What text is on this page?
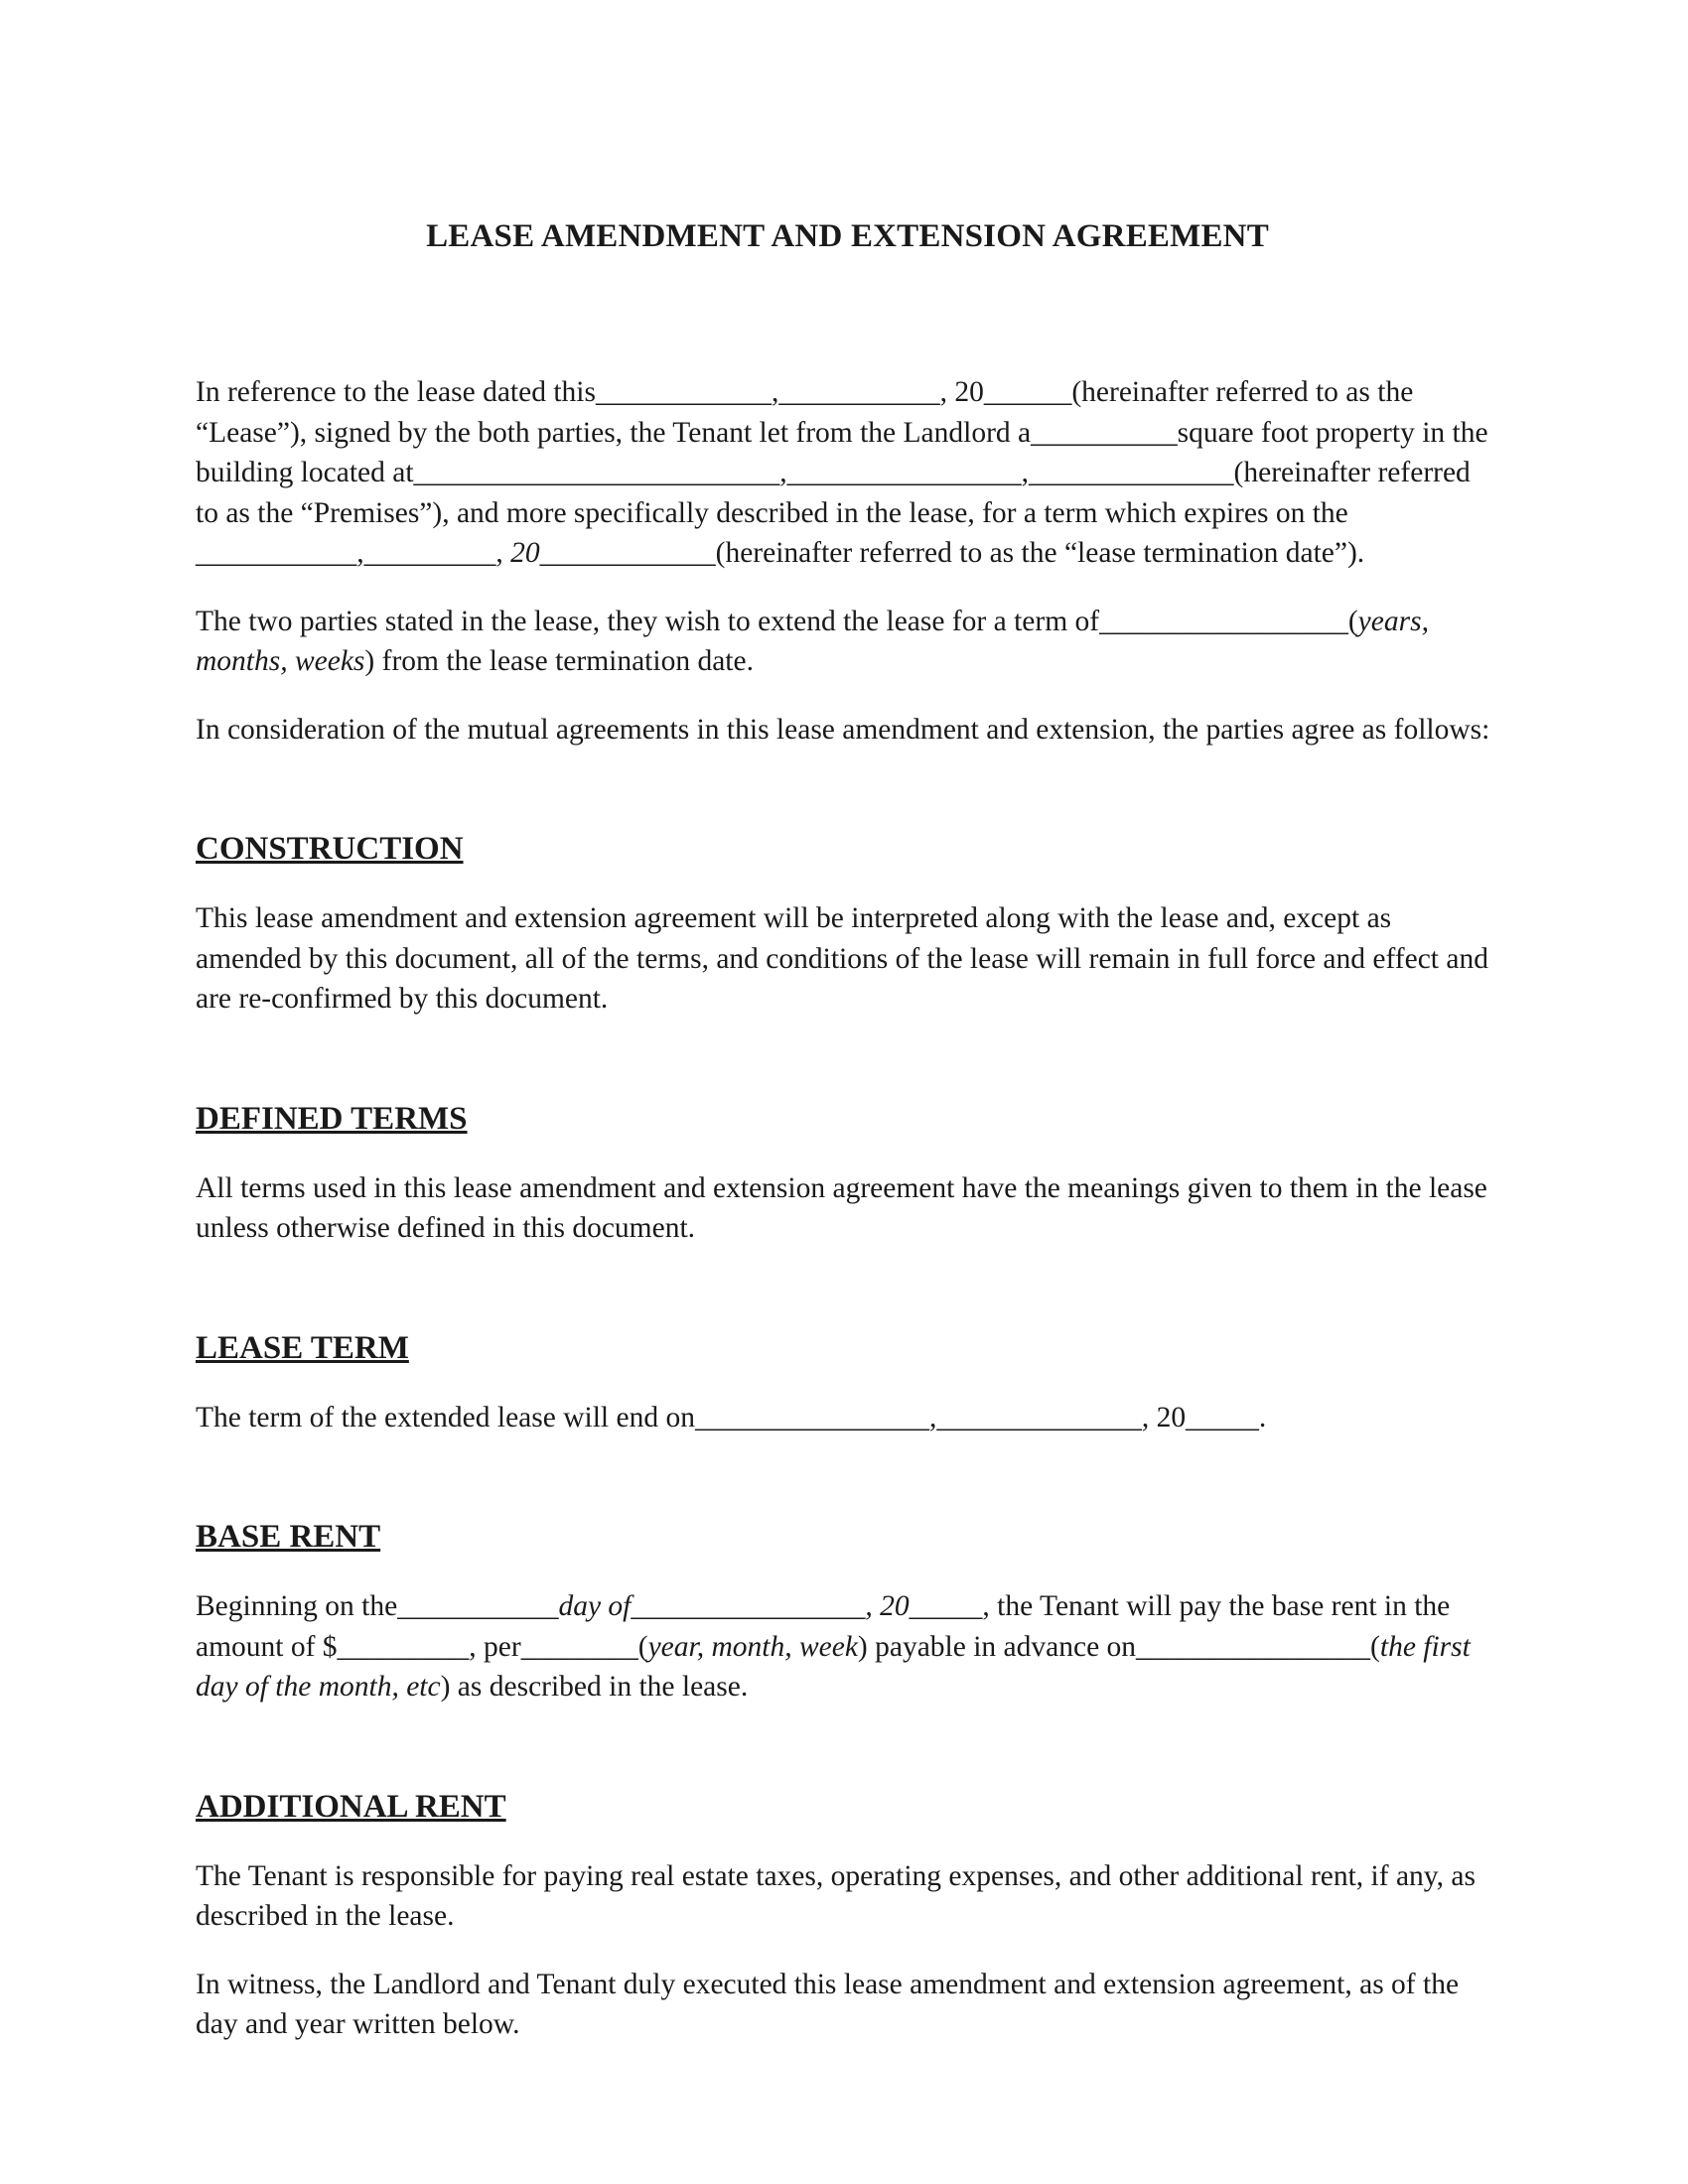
LEASE AMENDMENT AND EXTENSION AGREEMENT

In reference to the lease dated this____________,___________, 20______(hereinafter referred to as the “Lease”), signed by the both parties, the Tenant let from the Landlord a__________square foot property in the building located at_________________________,________________,______________(hereinafter referred to as the “Premises”), and more specifically described in the lease, for a term which expires on the ___________,_________, 20____________(hereinafter referred to as the “lease termination date”).

The two parties stated in the lease, they wish to extend the lease for a term of_________________(years, months, weeks) from the lease termination date.

In consideration of the mutual agreements in this lease amendment and extension, the parties agree as follows:

CONSTRUCTION

This lease amendment and extension agreement will be interpreted along with the lease and, except as amended by this document, all of the terms, and conditions of the lease will remain in full force and effect and are re-confirmed by this document.

DEFINED TERMS

All terms used in this lease amendment and extension agreement have the meanings given to them in the lease unless otherwise defined in this document.

LEASE TERM

The term of the extended lease will end on________________,______________, 20_____.

BASE RENT

Beginning on the___________day of________________, 20_____, the Tenant will pay the base rent in the amount of $_________, per________(year, month, week) payable in advance on________________(the first day of the month, etc) as described in the lease.

ADDITIONAL RENT

The Tenant is responsible for paying real estate taxes, operating expenses, and other additional rent, if any, as described in the lease.

In witness, the Landlord and Tenant duly executed this lease amendment and extension agreement, as of the day and year written below.
